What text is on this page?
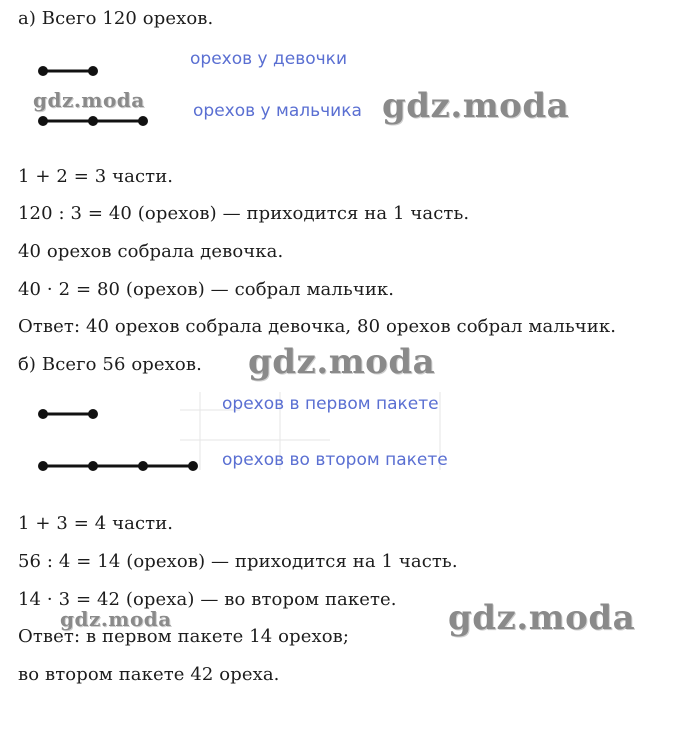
а) Всего 120 орехов.
орехов у девочки
орехов у мальчика
gdz.moda	gdz.moda
1 + 2 = 3 части.
120 : 3 = 40 (орехов) — приходится на 1 часть.
40 орехов собрала девочка.
40 · 2 = 80 (орехов) — собрал мальчик.
Ответ: 40 орехов собрала девочка, 80 орехов собрал мальчик.
б) Всего 56 орехов. gdz.moda
орехов в первом пакете
орехов во втором пакете
1 + 3 = 4 части.
56 : 4 = 14 (орехов) — приходится на 1 часть.
14 · 3 = 42 (ореха) — во втором пакете.
gdz.moda	gdz.moda
Ответ: в первом пакете 14 орехов;
во втором пакете 42 ореха.
